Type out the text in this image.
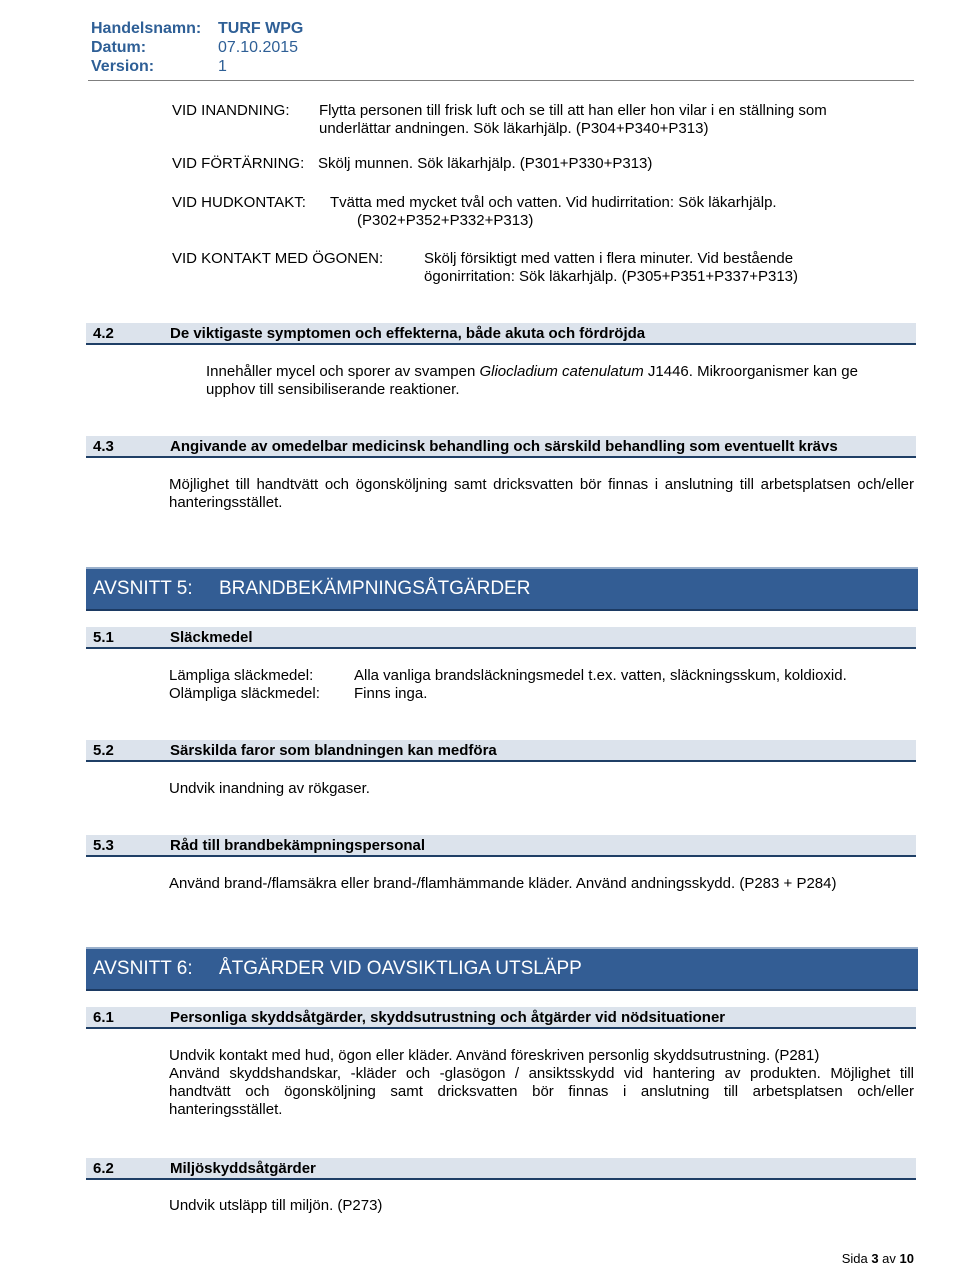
Handelsnamn: TURF WPG
Datum:	07.10.2015
Version:	1
VID INANDNING: Flytta personen till frisk luft och se till att han eller hon vilar i en ställning som
underlättar andningen. Sök läkarhjälp. (P304+P340+P313)
VID FÖRTÄRNING: Skölj munnen. Sök läkarhjälp. (P301+P330+P313)
VID HUDKONTAKT: Tvätta med mycket tvål och vatten. Vid hudirritation: Sök läkarhjälp.
(P302+P352+P332+P313)
VID KONTAKT MED ÖGONEN:	Skölj försiktigt med vatten i flera minuter. Vid bestående
ögonirritation: Sök läkarhjälp. (P305+P351+P337+P313)
4.2	De viktigaste symptomen och effekterna, både akuta och fördröjda
Innehåller mycel och sporer av svampen Gliocladium catenulatum J1446. Mikroorganismer kan ge
upphov till sensibiliserande reaktioner.
4.3	Angivande av omedelbar medicinsk behandling och särskild behandling som eventuellt krävs
Möjlighet till handtvätt och ögonsköljning samt dricksvatten bör finnas i anslutning till arbetsplatsen och/eller hanteringsstället.
AVSNITT 5: BRANDBEKÄMPNINGSÅTGÄRDER
5.1	Släckmedel
Lämpliga släckmedel:	Alla vanliga brandsläckningsmedel t.ex. vatten, släckningsskum, koldioxid.
Olämpliga släckmedel: Finns inga.
5.2	Särskilda faror som blandningen kan medföra
Undvik inandning av rökgaser.
5.3	Råd till brandbekämpningspersonal
Använd brand-/flamsäkra eller brand-/flamhämmande kläder. Använd andningsskydd. (P283 + P284)
AVSNITT 6: ÅTGÄRDER VID OAVSIKTLIGA UTSLÄPP
6.1	Personliga skyddsåtgärder, skyddsutrustning och åtgärder vid nödsituationer
Undvik kontakt med hud, ögon eller kläder. Använd föreskriven personlig skyddsutrustning. (P281)
Använd skyddshandskar, -kläder och -glasögon / ansiktsskydd vid hantering av produkten. Möjlighet till handtvätt och ögonsköljning samt dricksvatten bör finnas i anslutning till arbetsplatsen och/eller hanteringsstället.
6.2	Miljöskyddsåtgärder
Undvik utsläpp till miljön. (P273)
Sida 3 av 10
